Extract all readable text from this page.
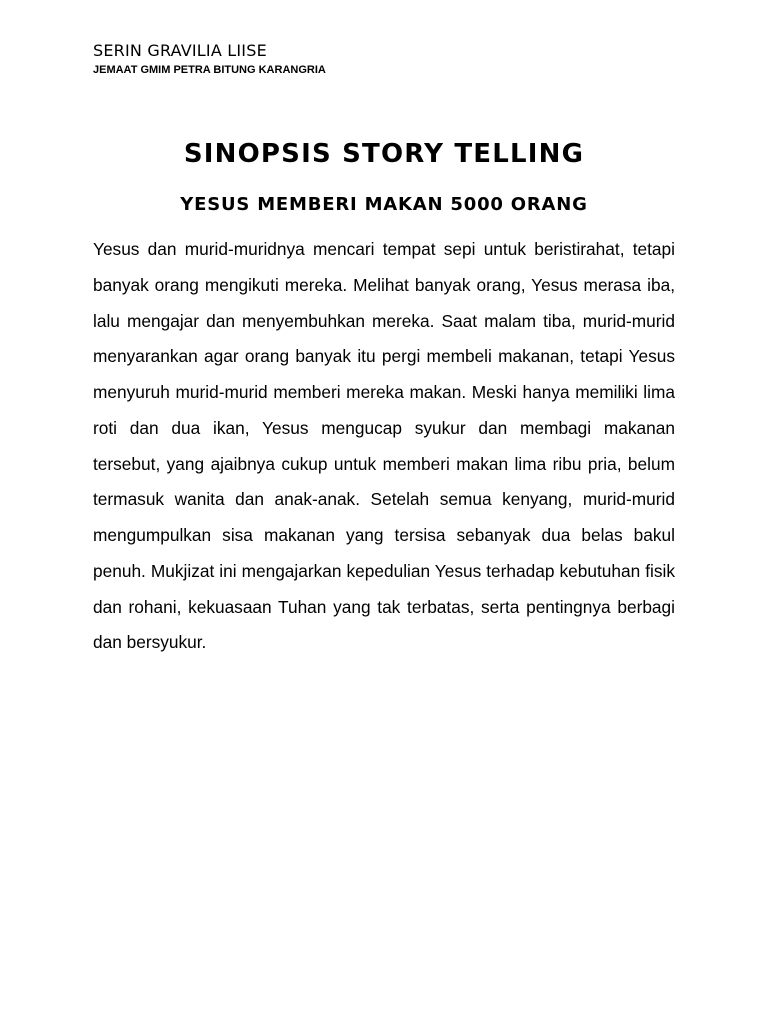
SERIN GRAVILIA LIISE
JEMAAT GMIM PETRA BITUNG KARANGRIA
SINOPSIS STORY TELLING
YESUS MEMBERI MAKAN 5000 ORANG

Yesus dan murid-muridnya mencari tempat sepi untuk beristirahat, tetapi banyak orang mengikuti mereka. Melihat banyak orang, Yesus merasa iba, lalu mengajar dan menyembuhkan mereka. Saat malam tiba, murid-murid menyarankan agar orang banyak itu pergi membeli makanan, tetapi Yesus menyuruh murid-murid memberi mereka makan. Meski hanya memiliki lima roti dan dua ikan, Yesus mengucap syukur dan membagi makanan tersebut, yang ajaibnya cukup untuk memberi makan lima ribu pria, belum termasuk wanita dan anak-anak. Setelah semua kenyang, murid-murid mengumpulkan sisa makanan yang tersisa sebanyak dua belas bakul penuh. Mukjizat ini mengajarkan kepedulian Yesus terhadap kebutuhan fisik dan rohani, kekuasaan Tuhan yang tak terbatas, serta pentingnya berbagi dan bersyukur.
